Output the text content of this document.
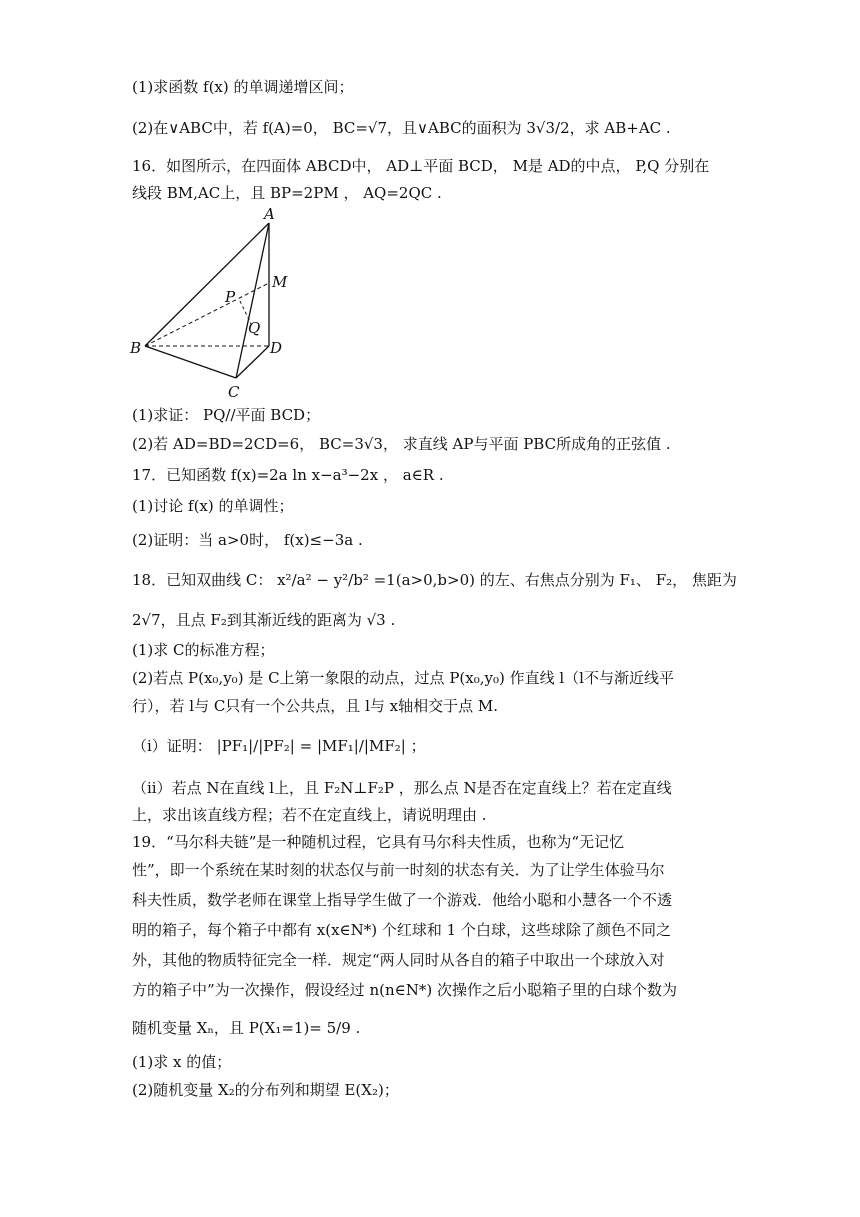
(1)求函数 f(x) 的单调递增区间；
(2)在∨ABC中，若 f(A)=0， BC=√7，且∨ABC的面积为 3√3/2，求 AB+AC .
16．如图所示，在四面体 ABCD中， AD⊥平面 BCD， M是 AD的中点， P,Q 分别在
线段 BM,AC上，且 BP=2PM ， AQ=2QC .
A
M
P
Q
B	D
C
(1)求证： PQ//平面 BCD；
(2)若 AD=BD=2CD=6， BC=3√3， 求直线 AP与平面 PBC所成角的正弦值 .
17．已知函数 f(x)=2a ln x−a³−2x ， a∈R .
(1)讨论 f(x) 的单调性；
(2)证明：当 a>0时， f(x)≤−3a .
18．已知双曲线 C： x²/a² − y²/b² =1(a>0,b>0) 的左、右焦点分别为 F₁、 F₂， 焦距为
2√7，且点 F₂到其渐近线的距离为 √3 .
(1)求 C的标准方程；
(2)若点 P(x₀,y₀) 是 C上第一象限的动点，过点 P(x₀,y₀) 作直线 l（l不与渐近线平
行），若 l与 C只有一个公共点，且 l与 x轴相交于点 M.
（i）证明： |PF₁|/|PF₂| = |MF₁|/|MF₂| ；
（ii）若点 N在直线 l上，且 F₂N⊥F₂P ，那么点 N是否在定直线上？若在定直线
上，求出该直线方程；若不在定直线上，请说明理由 .
19．“马尔科夫链”是一种随机过程，它具有马尔科夫性质，也称为“无记忆
性”，即一个系统在某时刻的状态仅与前一时刻的状态有关．为了让学生体验马尔
科夫性质，数学老师在课堂上指导学生做了一个游戏．他给小聪和小慧各一个不透
明的箱子，每个箱子中都有 x(x∈N*) 个红球和 1 个白球，这些球除了颜色不同之
外，其他的物质特征完全一样．规定“两人同时从各自的箱子中取出一个球放入对
方的箱子中”为一次操作，假设经过 n(n∈N*) 次操作之后小聪箱子里的白球个数为
随机变量 Xₙ，且 P(X₁=1)= 5/9 .
(1)求 x 的值；
(2)随机变量 X₂的分布列和期望 E(X₂)；
